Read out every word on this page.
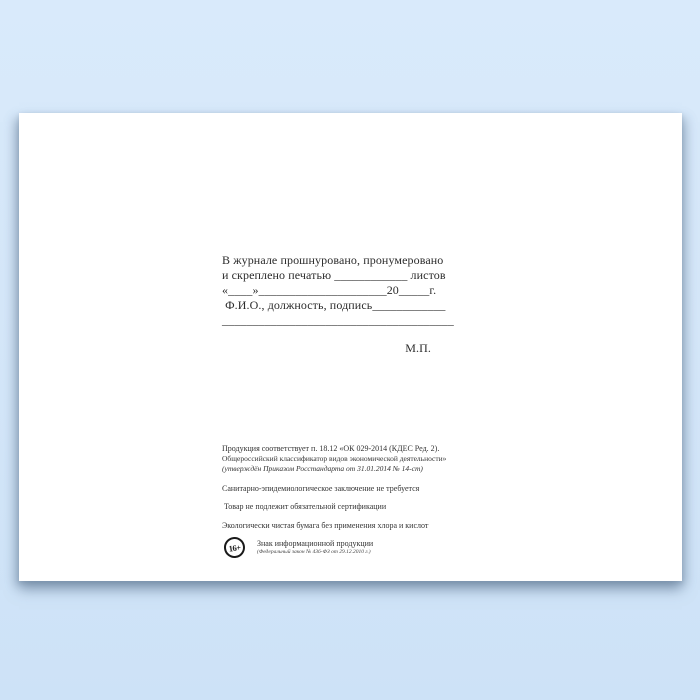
В журнале прошнуровано, пронумеровано
и скреплено печатью ____________ листов
«____»_____________________20_____г.
Ф.И.О., должность, подпись____________
______________________________________
М.П.
Продукция соответствует п. 18.12 «ОК 029-2014 (КДЕС Ред. 2).
Общероссийский классификатор видов экономической деятельности»
(утверждён Приказом Росстандарта от 31.01.2014 № 14-ст)
Санитарно-эпидемиологическое заключение не требуется
Товар не подлежит обязательной сертификации
Экологически чистая бумага без применения хлора и кислот
16+	Знак информационной продукции
(Федеральный закон № 436-ФЗ от 29.12.2010 г.)
